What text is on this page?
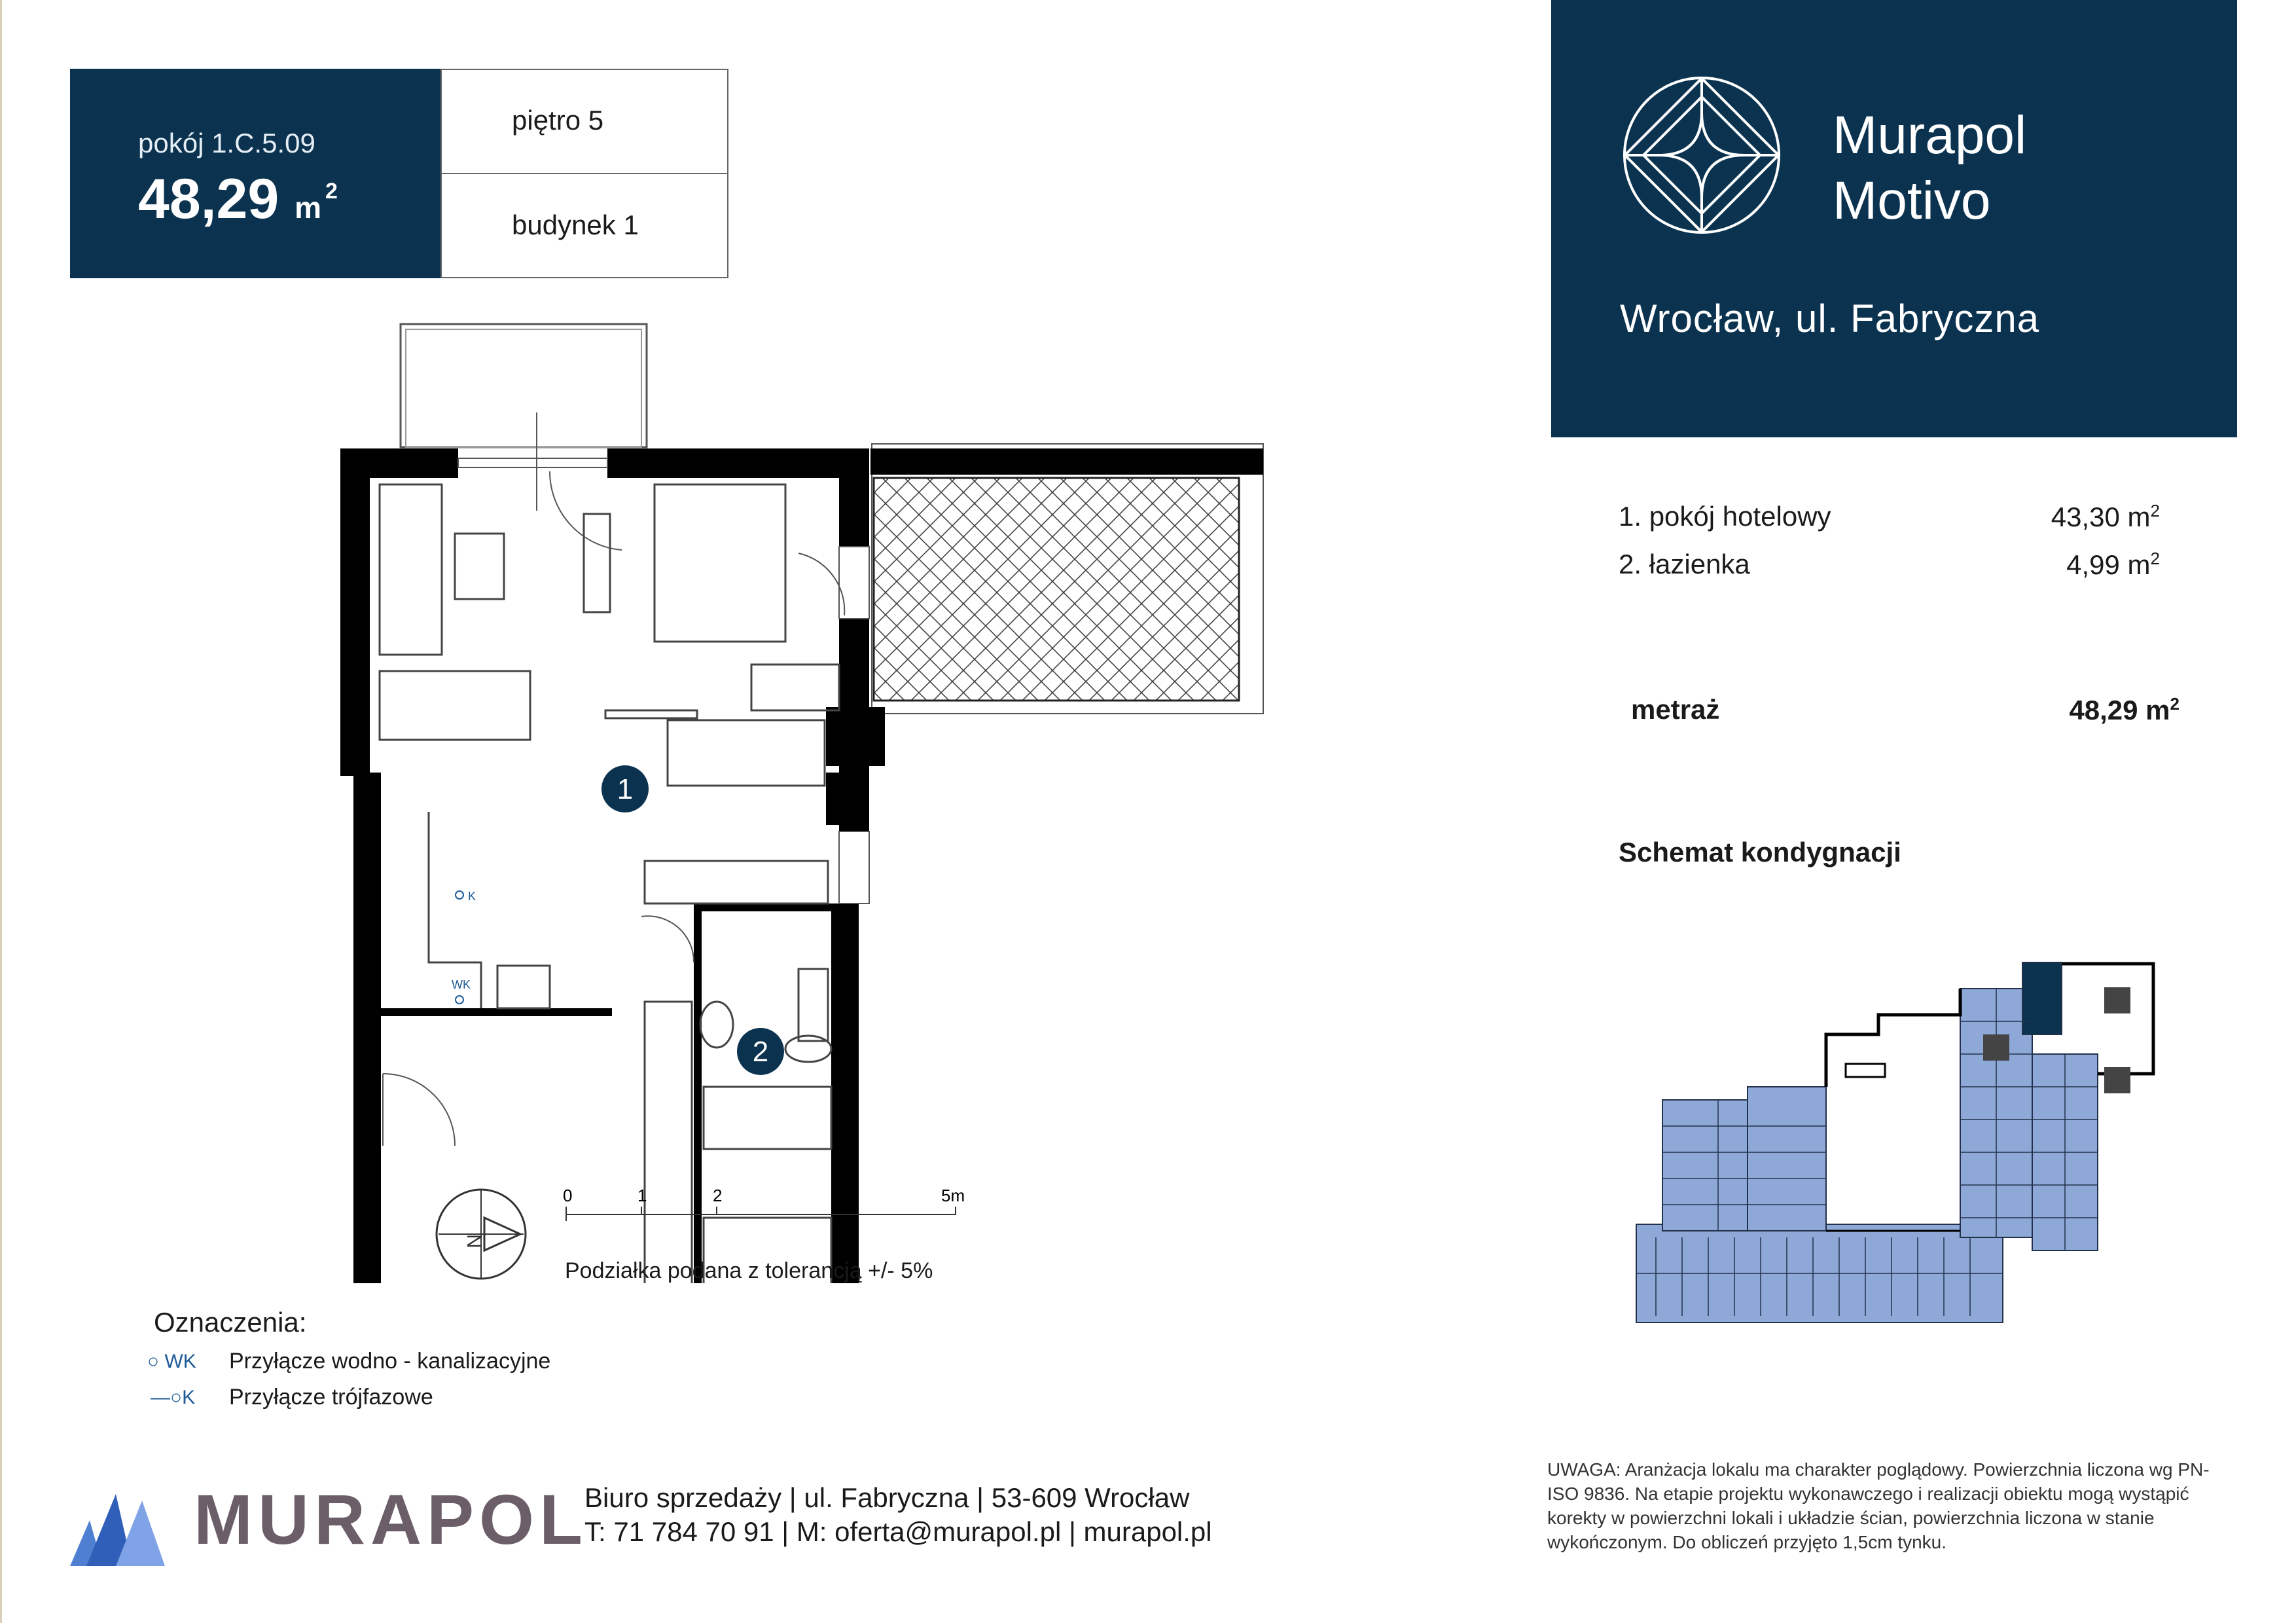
pokój 1.C.5.09
48,29 m $^2$
piętro 5
budynek 1
Murapol
Motivo
Wrocław, ul. Fabryczna
1. pokój hotelowy	43,30 $m^2$
2. łazienka	4,99 $m^2$
metraż	48,29 $m^2$
Schemat kondygnacji
K
WK
1
2
N
0	1	2	5m
Podziałka podana z tolerancją +/- 5%
Oznaczenia:
○ WK Przyłącze wodno - kanalizacyjne
—○K Przyłącze trójfazowe
MURAPOL
Biuro sprzedaży | ul. Fabryczna | 53-609 Wrocław
T: 71 784 70 91 | M: oferta@murapol.pl | murapol.pl
UWAGA: Aranżacja lokalu ma charakter poglądowy. Powierzchnia liczona wg PN-ISO 9836. Na etapie projektu wykonawczego i realizacji obiektu mogą wystąpić korekty w powierzchni lokali i układzie ścian, powierzchnia liczona w stanie wykończonym. Do obliczeń przyjęto 1,5cm tynku.
